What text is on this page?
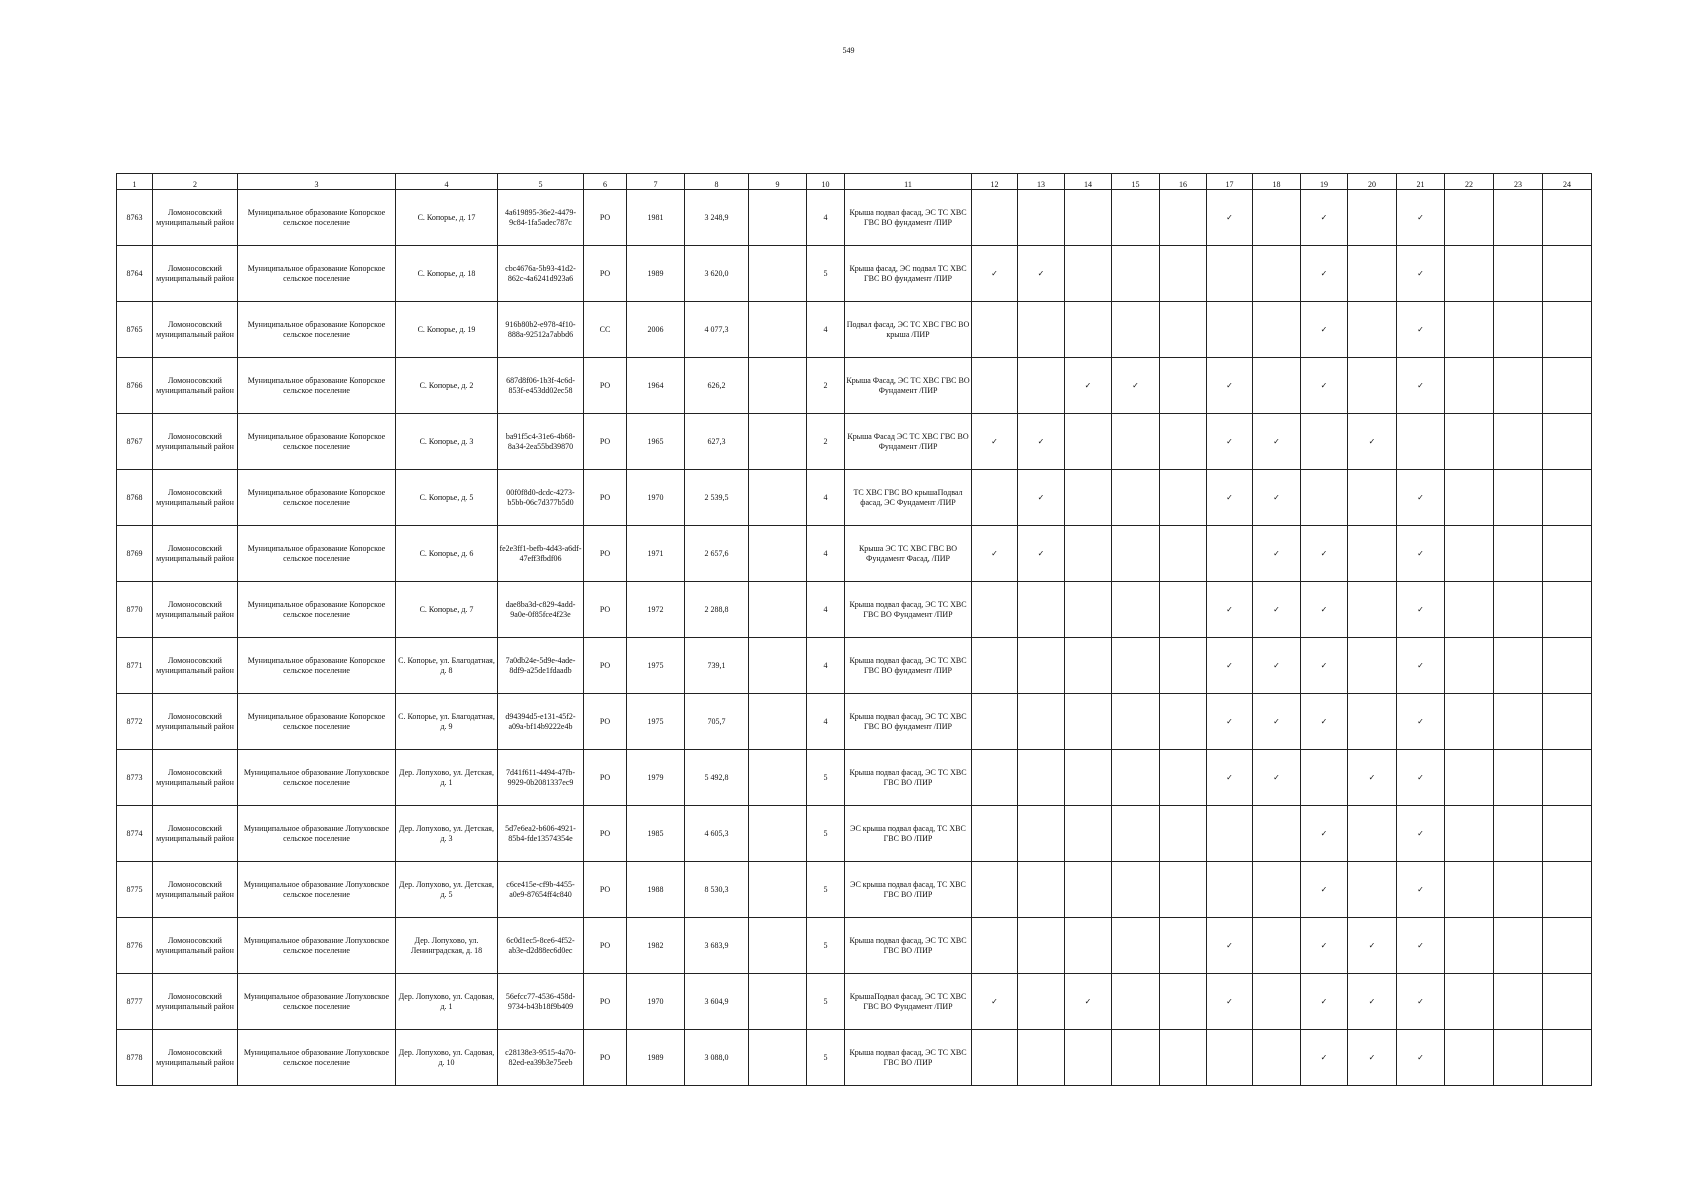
549
1	2	3	4	5	6	7	8	9	10	11	12	13	14	15	16	17	18	19	20	21	22	23	24
8763	Ломоносовский муниципальный район	Муниципальное образование Копорское сельское поселение	С. Копорье, д. 17	4a619895-36e2-4479-9c84-1fa5adec787c	РО	1981	3 248,9		4	Крыша подвал фасад, ЭС ТС ХВС ГВС ВО фундамент /ПИР						✓		✓		✓			
8764	Ломоносовский муниципальный район	Муниципальное образование Копорское сельское поселение	С. Копорье, д. 18	cbc4676a-5b93-41d2-862c-4a6241d923a6	РО	1989	3 620,0		5	Крыша фасад, ЭС подвал ТС ХВС ГВС ВО фундамент /ПИР	✓	✓						✓		✓			
8765	Ломоносовский муниципальный район	Муниципальное образование Копорское сельское поселение	С. Копорье, д. 19	916b80b2-e978-4f10-888a-92512a7abbd6	СС	2006	4 077,3		4	Подвал фасад, ЭС ТС ХВС ГВС ВО крыша /ПИР								✓		✓			
8766	Ломоносовский муниципальный район	Муниципальное образование Копорское сельское поселение	С. Копорье, д. 2	687d8f06-1b3f-4c6d-853f-e453dd02ec58	РО	1964	626,2		2	Крыша Фасад, ЭС ТС ХВС ГВС ВО Фундамент /ПИР			✓	✓		✓		✓		✓			
8767	Ломоносовский муниципальный район	Муниципальное образование Копорское сельское поселение	С. Копорье, д. 3	ba91f5c4-31e6-4b68-8a34-2ea55bd39870	РО	1965	627,3		2	Крыша Фасад ЭС ТС ХВС ГВС ВО Фундамент /ПИР	✓	✓				✓	✓		✓				
8768	Ломоносовский муниципальный район	Муниципальное образование Копорское сельское поселение	С. Копорье, д. 5	00f0f8d0-dcdc-4273-b5bb-06c7d377b5d0	РО	1970	2 539,5		4	ТС ХВС ГВС ВО крышаПодвал фасад, ЭС Фундамент /ПИР		✓				✓	✓			✓			
8769	Ломоносовский муниципальный район	Муниципальное образование Копорское сельское поселение	С. Копорье, д. 6	fe2e3ff1-befb-4d43-a6df-47eff3fbdf06	РО	1971	2 657,6		4	Крыша ЭС ТС ХВС ГВС ВО Фундамент Фасад, /ПИР	✓	✓					✓	✓		✓			
8770	Ломоносовский муниципальный район	Муниципальное образование Копорское сельское поселение	С. Копорье, д. 7	dae8ba3d-c829-4add-9a0e-0f85fce4f23e	РО	1972	2 288,8		4	Крыша подвал фасад, ЭС ТС ХВС ГВС ВО Фундамент /ПИР						✓	✓	✓		✓			
8771	Ломоносовский муниципальный район	Муниципальное образование Копорское сельское поселение	С. Копорье, ул. Благодатная, д. 8	7a0db24e-5d9e-4ade-8df9-a25de1fdaadb	РО	1975	739,1		4	Крыша подвал фасад, ЭС ТС ХВС ГВС ВО фундамент /ПИР						✓	✓	✓		✓			
8772	Ломоносовский муниципальный район	Муниципальное образование Копорское сельское поселение	С. Копорье, ул. Благодатная, д. 9	d94394d5-e131-45f2-a09a-bf14b9222e4b	РО	1975	705,7		4	Крыша подвал фасад, ЭС ТС ХВС ГВС ВО фундамент /ПИР						✓	✓	✓		✓			
8773	Ломоносовский муниципальный район	Муниципальное образование Лопуховское сельское поселение	Дер. Лопухово, ул. Детская, д. 1	7d41f611-4494-47fb-9929-0b2081337ec9	РО	1979	5 492,8		5	Крыша подвал фасад, ЭС ТС ХВС ГВС ВО /ПИР						✓	✓		✓	✓			
8774	Ломоносовский муниципальный район	Муниципальное образование Лопуховское сельское поселение	Дер. Лопухово, ул. Детская, д. 3	5d7e6ea2-b606-4921-85b4-fde13574354e	РО	1985	4 605,3		5	ЭС крыша подвал фасад, ТС ХВС ГВС ВО /ПИР								✓		✓			
8775	Ломоносовский муниципальный район	Муниципальное образование Лопуховское сельское поселение	Дер. Лопухово, ул. Детская, д. 5	c6ce415e-cf9b-4455-a0e9-87654ff4c840	РО	1988	8 530,3		5	ЭС крыша подвал фасад, ТС ХВС ГВС ВО /ПИР								✓		✓			
8776	Ломоносовский муниципальный район	Муниципальное образование Лопуховское сельское поселение	Дер. Лопухово, ул. Ленинградская, д. 18	6c0d1ec5-8ce6-4f52-ab3e-d2d88ec6d0ec	РО	1982	3 683,9		5	Крыша подвал фасад, ЭС ТС ХВС ГВС ВО /ПИР						✓		✓	✓	✓			
8777	Ломоносовский муниципальный район	Муниципальное образование Лопуховское сельское поселение	Дер. Лопухово, ул. Садовая, д. 1	56efcc77-4536-458d-9734-b43b18f9b409	РО	1970	3 604,9		5	КрышаПодвал фасад, ЭС ТС ХВС ГВС ВО Фундамент /ПИР	✓		✓			✓		✓	✓	✓			
8778	Ломоносовский муниципальный район	Муниципальное образование Лопуховское сельское поселение	Дер. Лопухово, ул. Садовая, д. 10	c28138e3-9515-4a70-82ed-ea39b3e75eeb	РО	1989	3 088,0		5	Крыша подвал фасад, ЭС ТС ХВС ГВС ВО /ПИР								✓	✓	✓			
